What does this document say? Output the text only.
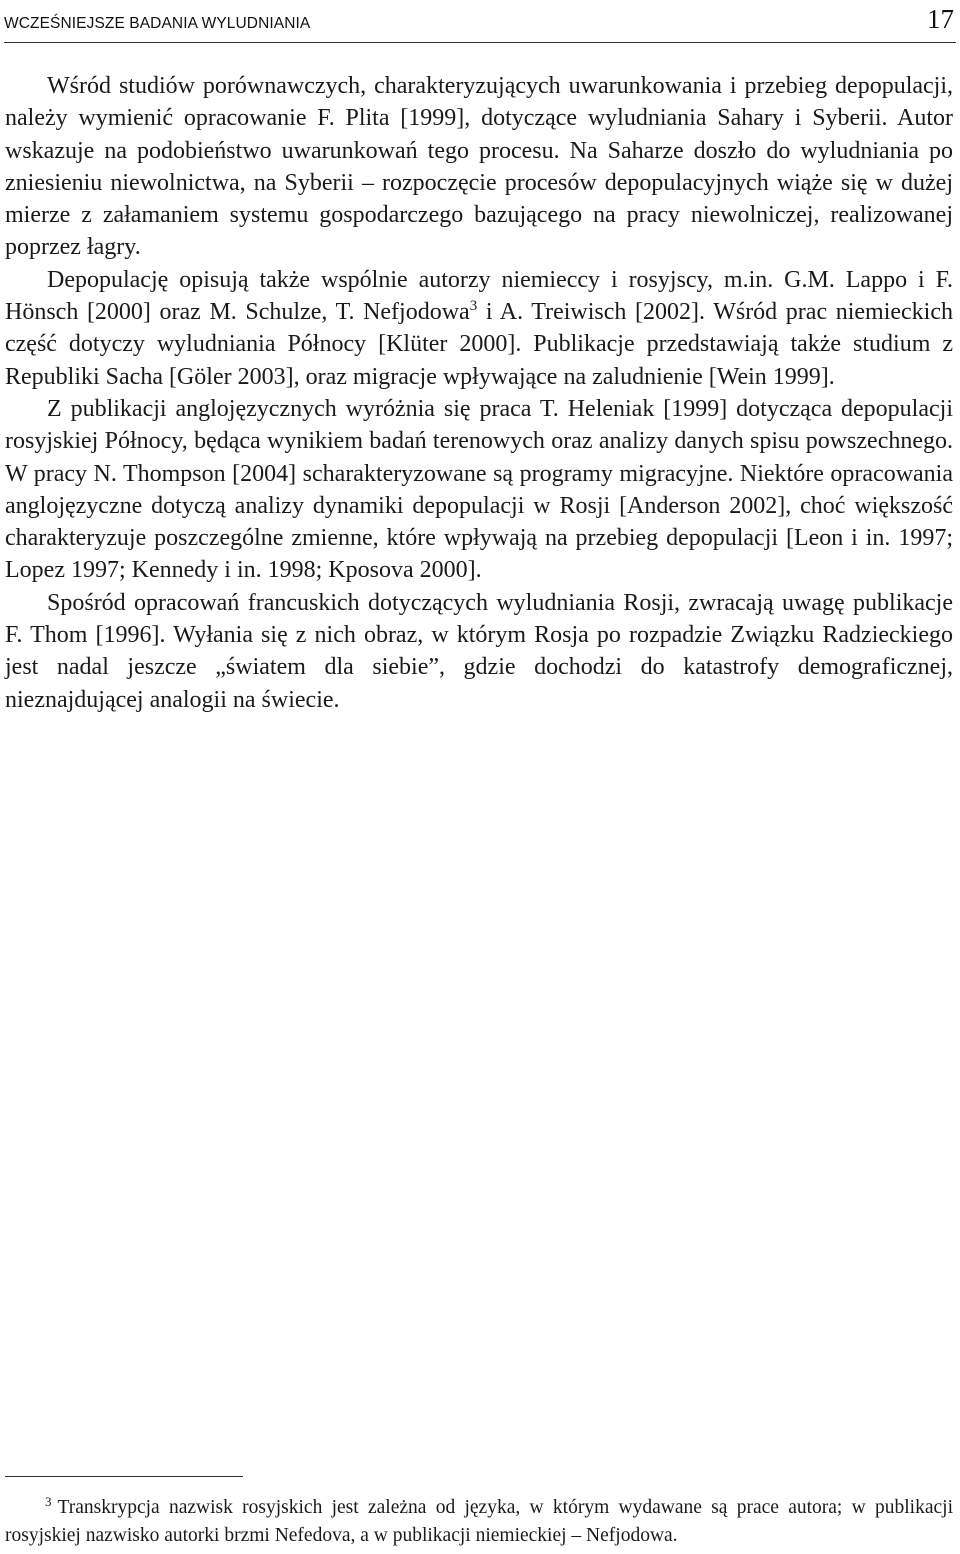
WCZEŚNIEJSZE BADANIA WYLUDNIANIA	17

Wśród studiów porównawczych, charakteryzujących uwarunkowania i przebieg depopulacji, należy wymienić opracowanie F. Plita [1999], dotyczące wyludniania Sahary i Syberii. Autor wskazuje na podobieństwo uwarunkowań tego procesu. Na Saharze doszło do wyludniania po zniesieniu niewolnictwa, na Syberii – rozpoczęcie procesów depopulacyjnych wiąże się w dużej mierze z załamaniem systemu gospodarczego bazującego na pracy niewolniczej, realizowanej poprzez łagry.

Depopulację opisują także wspólnie autorzy niemieccy i rosyjscy, m.in. G.M. Lappo i F. Hönsch [2000] oraz M. Schulze, T. Nefjodowa$^3$ i A. Treiwisch [2002]. Wśród prac niemieckich część dotyczy wyludniania Północy [Klüter 2000]. Publikacje przedstawiają także studium z Republiki Sacha [Göler 2003], oraz migracje wpływające na zaludnienie [Wein 1999].

Z publikacji anglojęzycznych wyróżnia się praca T. Heleniak [1999] dotycząca depopulacji rosyjskiej Północy, będąca wynikiem badań terenowych oraz analizy danych spisu powszechnego. W pracy N. Thompson [2004] scharakteryzowane są programy migracyjne. Niektóre opracowania anglojęzyczne dotyczą analizy dynamiki depopulacji w Rosji [Anderson 2002], choć większość charakteryzuje poszczególne zmienne, które wpływają na przebieg depopulacji [Leon i in. 1997; Lopez 1997; Kennedy i in. 1998; Kposova 2000].

Spośród opracowań francuskich dotyczących wyludniania Rosji, zwracają uwagę publikacje F. Thom [1996]. Wyłania się z nich obraz, w którym Rosja po rozpadzie Związku Radzieckiego jest nadal jeszcze „światem dla siebie”, gdzie dochodzi do katastrofy demograficznej, nieznajdującej analogii na świecie.

$^3$ Transkrypcja nazwisk rosyjskich jest zależna od języka, w którym wydawane są prace autora; w publikacji rosyjskiej nazwisko autorki brzmi Nefedova, a w publikacji niemieckiej – Nefjodowa.
